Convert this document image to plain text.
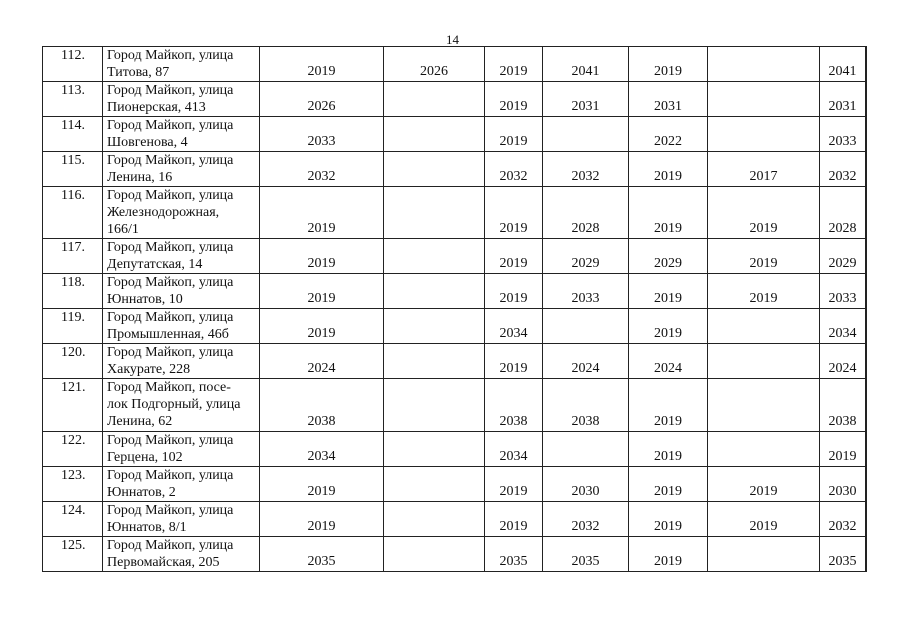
14
112.	Город Майкоп, улица
Титова, 87	2019	2026	2019	2041	2019		2041	
113.	Город Майкоп, улица
Пионерская, 413	2026		2019	2031	2031		2031	
114.	Город Майкоп, улица
Шовгенова, 4	2033		2019		2022		2033	
115.	Город Майкоп, улица
Ленина, 16	2032		2032	2032	2019	2017	2032	
116.	Город Майкоп, улица
Железнодорожная,
166/1	2019		2019	2028	2019	2019	2028	
117.	Город Майкоп, улица
Депутатская, 14	2019		2019	2029	2029	2019	2029	
118.	Город Майкоп, улица
Юннатов, 10	2019		2019	2033	2019	2019	2033	
119.	Город Майкоп, улица
Промышленная, 46б	2019		2034		2019		2034	
120.	Город Майкоп, улица
Хакурате, 228	2024		2019	2024	2024		2024	
121.	Город Майкоп, посе-
лок Подгорный, улица
Ленина, 62	2038		2038	2038	2019		2038	
122.	Город Майкоп, улица
Герцена, 102	2034		2034		2019		2019	
123.	Город Майкоп, улица
Юннатов, 2	2019		2019	2030	2019	2019	2030	
124.	Город Майкоп, улица
Юннатов, 8/1	2019		2019	2032	2019	2019	2032	
125.	Город Майкоп, улица
Первомайская, 205	2035		2035	2035	2019		2035	
